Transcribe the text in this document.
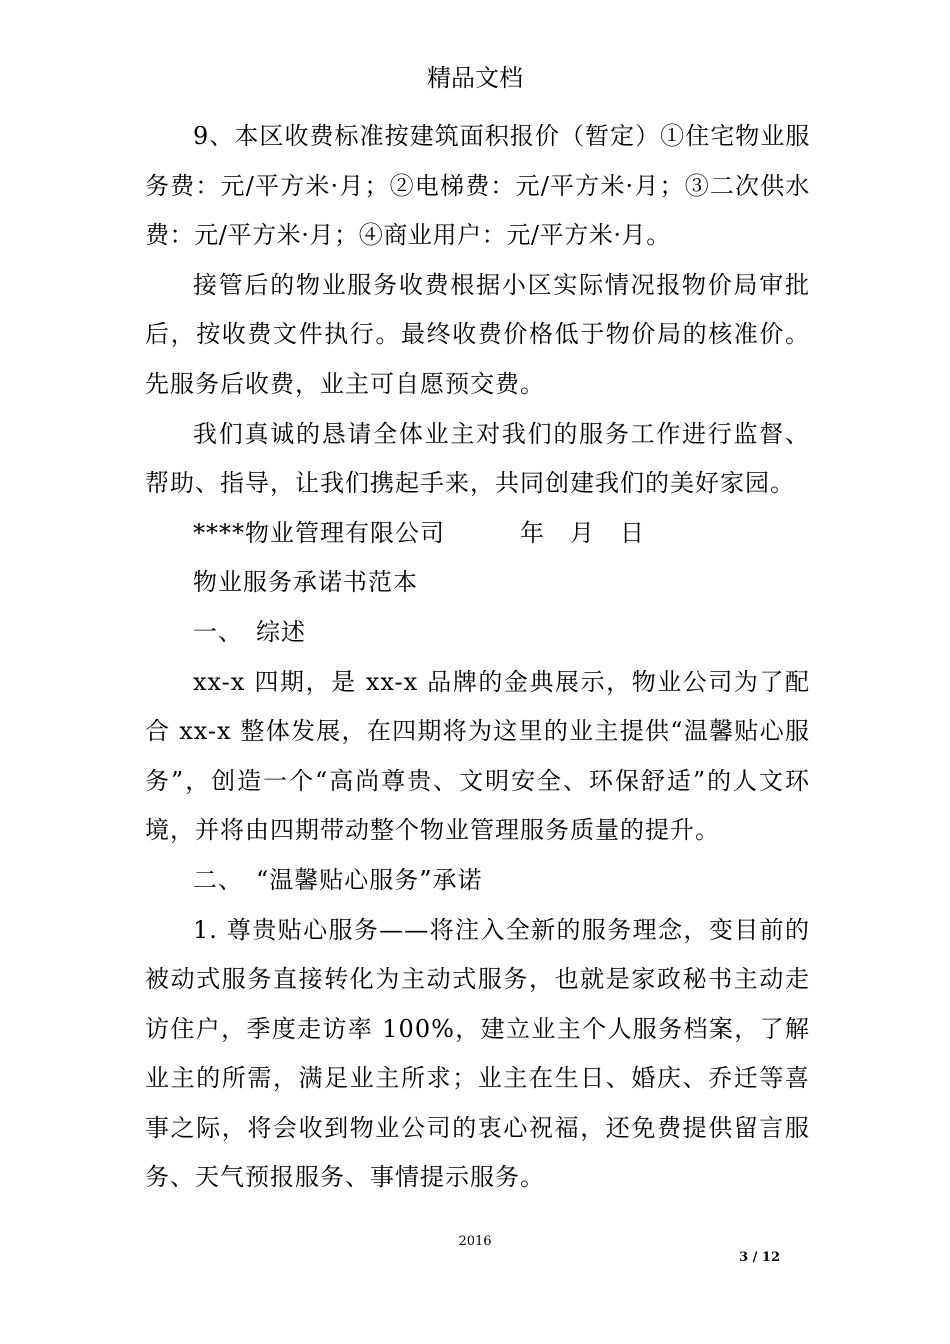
精品文档

9、本区收费标准按建筑面积报价（暂定）①住宅物业服务费：元/平方米·月；②电梯费：元/平方米·月；③二次供水费：元/平方米·月；④商业用户：元/平方米·月。

接管后的物业服务收费根据小区实际情况报物价局审批后，按收费文件执行。最终收费价格低于物价局的核准价。先服务后收费，业主可自愿预交费。

我们真诚的恳请全体业主对我们的服务工作进行监督、帮助、指导，让我们携起手来，共同创建我们的美好家园。

****物业管理有限公司　　　年　月　日

物业服务承诺书范本

一、　综述

xx-x 四期，是 xx-x 品牌的金典展示，物业公司为了配合 xx-x 整体发展，在四期将为这里的业主提供“温馨贴心服务”，创造一个“高尚尊贵、文明安全、环保舒适”的人文环境，并将由四期带动整个物业管理服务质量的提升。

二、　“温馨贴心服务”承诺

1. 尊贵贴心服务——将注入全新的服务理念，变目前的被动式服务直接转化为主动式服务，也就是家政秘书主动走访住户，季度走访率 100%，建立业主个人服务档案，了解业主的所需，满足业主所求；业主在生日、婚庆、乔迁等喜事之际，将会收到物业公司的衷心祝福，还免费提供留言服务、天气预报服务、事情提示服务。

2016
3 / 12
